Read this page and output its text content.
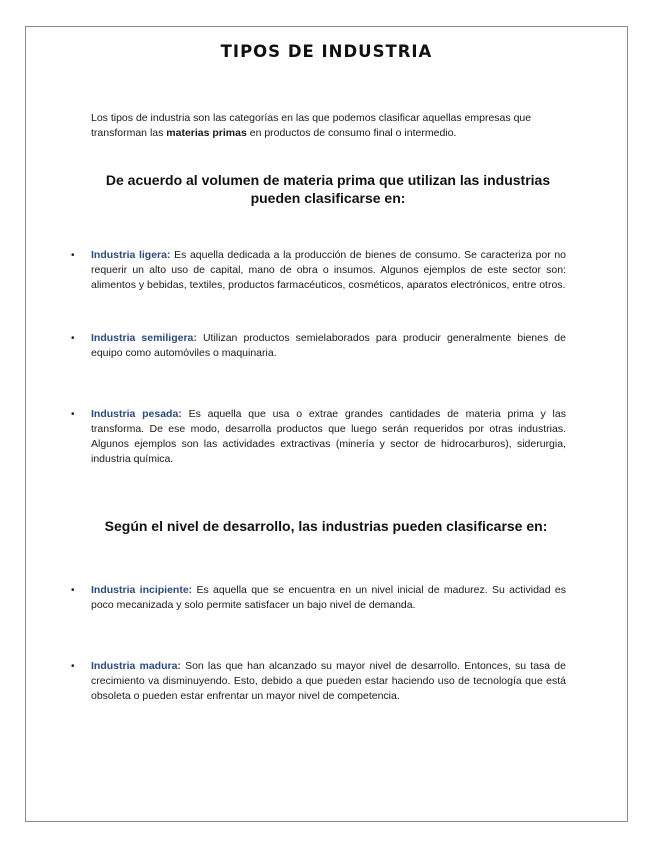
TIPOS DE INDUSTRIA

Los tipos de industria son las categorías en las que podemos clasificar aquellas empresas que transforman las materias primas en productos de consumo final o intermedio.

De acuerdo al volumen de materia prima que utilizan las industrias pueden clasificarse en:

• Industria ligera: Es aquella dedicada a la producción de bienes de consumo. Se caracteriza por no requerir un alto uso de capital, mano de obra o insumos. Algunos ejemplos de este sector son: alimentos y bebidas, textiles, productos farmacéuticos, cosméticos, aparatos electrónicos, entre otros.

• Industria semiligera: Utilizan productos semielaborados para producir generalmente bienes de equipo como automóviles o maquinaria.

• Industria pesada: Es aquella que usa o extrae grandes cantidades de materia prima y las transforma. De ese modo, desarrolla productos que luego serán requeridos por otras industrias. Algunos ejemplos son las actividades extractivas (minería y sector de hidrocarburos), siderurgia, industria química.

Según el nivel de desarrollo, las industrias pueden clasificarse en:

• Industria incipiente: Es aquella que se encuentra en un nivel inicial de madurez. Su actividad es poco mecanizada y solo permite satisfacer un bajo nivel de demanda.

• Industria madura: Son las que han alcanzado su mayor nivel de desarrollo. Entonces, su tasa de crecimiento va disminuyendo. Esto, debido a que pueden estar haciendo uso de tecnología que está obsoleta o pueden estar enfrentar un mayor nivel de competencia.
